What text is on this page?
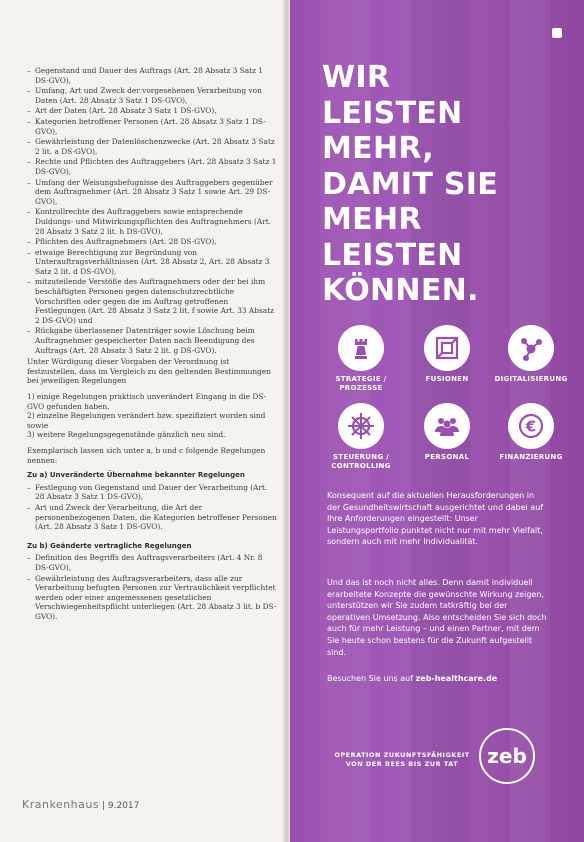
– Gegenstand und Dauer des Auftrags (Art. 28 Absatz 3 Satz 1 DS-GVO),
– Umfang, Art und Zweck der vorgesehenen Verarbeitung von Daten (Art. 28 Absatz 3 Satz 1 DS-GVO),
– Art der Daten (Art. 28 Absatz 3 Satz 1 DS-GVO),
– Kategorien betroffener Personen (Art. 28 Absatz 3 Satz 1 DS-GVO),
– Gewährleistung der Datenlöschenzwecke (Art. 28 Absatz 3 Satz 2 lit. a DS-GVO),
– Rechte und Pflichten des Auftraggebers (Art. 28 Absatz 3 Satz 1 DS-GVO),
– Umfang der Weisungsbefugnisse des Auftraggebers gegenüber dem Auftragnehmer (Art. 28 Absatz 3 Satz 1 sowie Art. 29 DS-GVO),
– Kontrollrechte des Auftraggebers sowie entsprechende Duldungs- und Mitwirkungspflichten des Auftragnehmers (Art. 28 Absatz 3 Satz 2 lit. h DS-GVO),
– Pflichten des Auftragnehmers (Art. 28 DS-GVO),
– etwaige Berechtigung zur Begründung von Unterauftragsverhältnissen (Art. 28 Absatz 2, Art. 28 Absatz 3 Satz 2 lit. d DS-GVO),
– mitzuteilende Verstöße des Auftragnehmers oder der bei ihm beschäftigten Personen gegen datenschutzrechtliche Vorschriften oder gegen die im Auftrag getroffenen Festlegungen (Art. 28 Absatz 3 Satz 2 lit. f sowie Art. 33 Absatz 2 DS-GVO) und
– Rückgabe überlassener Datenträger sowie Löschung beim Auftragnehmer gespeicherter Daten nach Beendigung des Auftrags (Art. 28 Absatz 3 Satz 2 lit. g DS-GVO).

Unter Würdigung dieser Vorgaben der Verordnung ist festzustellen, dass im Vergleich zu den geltenden Bestimmungen bei jeweiligen Regelungen

1) einige Regelungen praktisch unverändert Eingang in die DS-GVO gefunden haben,
2) einzelne Regelungen verändert bzw. spezifiziert worden sind sowie
3) weitere Regelungsgegenstände gänzlich neu sind.

Exemplarisch lassen sich unter a, b und c folgende Regelungen nennen:

Zu a) Unveränderte Übernahme bekannter Regelungen
– Festlegung von Gegenstand und Dauer der Verarbeitung (Art. 28 Absatz 3 Satz 1 DS-GVO),
– Art und Zweck der Verarbeitung, die Art der personenbezogenen Daten, die Kategorien betroffener Personen (Art. 28 Absatz 3 Satz 1 DS-GVO).
Zu b) Geänderte vertragliche Regelungen
– Definition des Begriffs des Auftragsverarbeiters (Art. 4 Nr. 8 DS-GVO),
– Gewährleistung des Auftragsverarbeiters, dass alle zur Verarbeitung befugten Personen zur Vertraulichkeit verpflichtet werden oder einer angemessenen gesetzlichen Verschwiegenheitspflicht unterliegen (Art. 28 Absatz 3 lit. b DS-GVO).
Krankenhaus | 9.2017
WIR
LEISTEN MEHR,
DAMIT SIE
MEHR LEISTEN
KÖNNEN.
STRATEGIE /
PROZESSE
FUSIONEN	DIGITALISIERUNG
STEUERUNG /
CONTROLLING
PERSONAL
€
FINANZIERUNG
Konsequent auf die aktuellen Herausforderungen in der Gesundheitswirtschaft ausgerichtet und dabei auf Ihre Anforderungen eingestellt: Unser Leistungsportfolio punktet nicht nur mit mehr Vielfalt, sondern auch mit mehr Individualität.
Und das ist noch nicht alles. Denn damit individuell erarbeitete Konzepte die gewünschte Wirkung zeigen, unterstützen wir Sie zudem tatkräftig bei der operativen Umsetzung. Also entscheiden Sie sich doch auch für mehr Leistung – und einen Partner, mit dem Sie heute schon bestens für die Zukunft aufgestellt sind.
Besuchen Sie uns auf zeb-healthcare.de
OPERATION ZUKUNFTSFÄHIGKEIT
VON DER BEES BIS ZUR TAT	zeb
